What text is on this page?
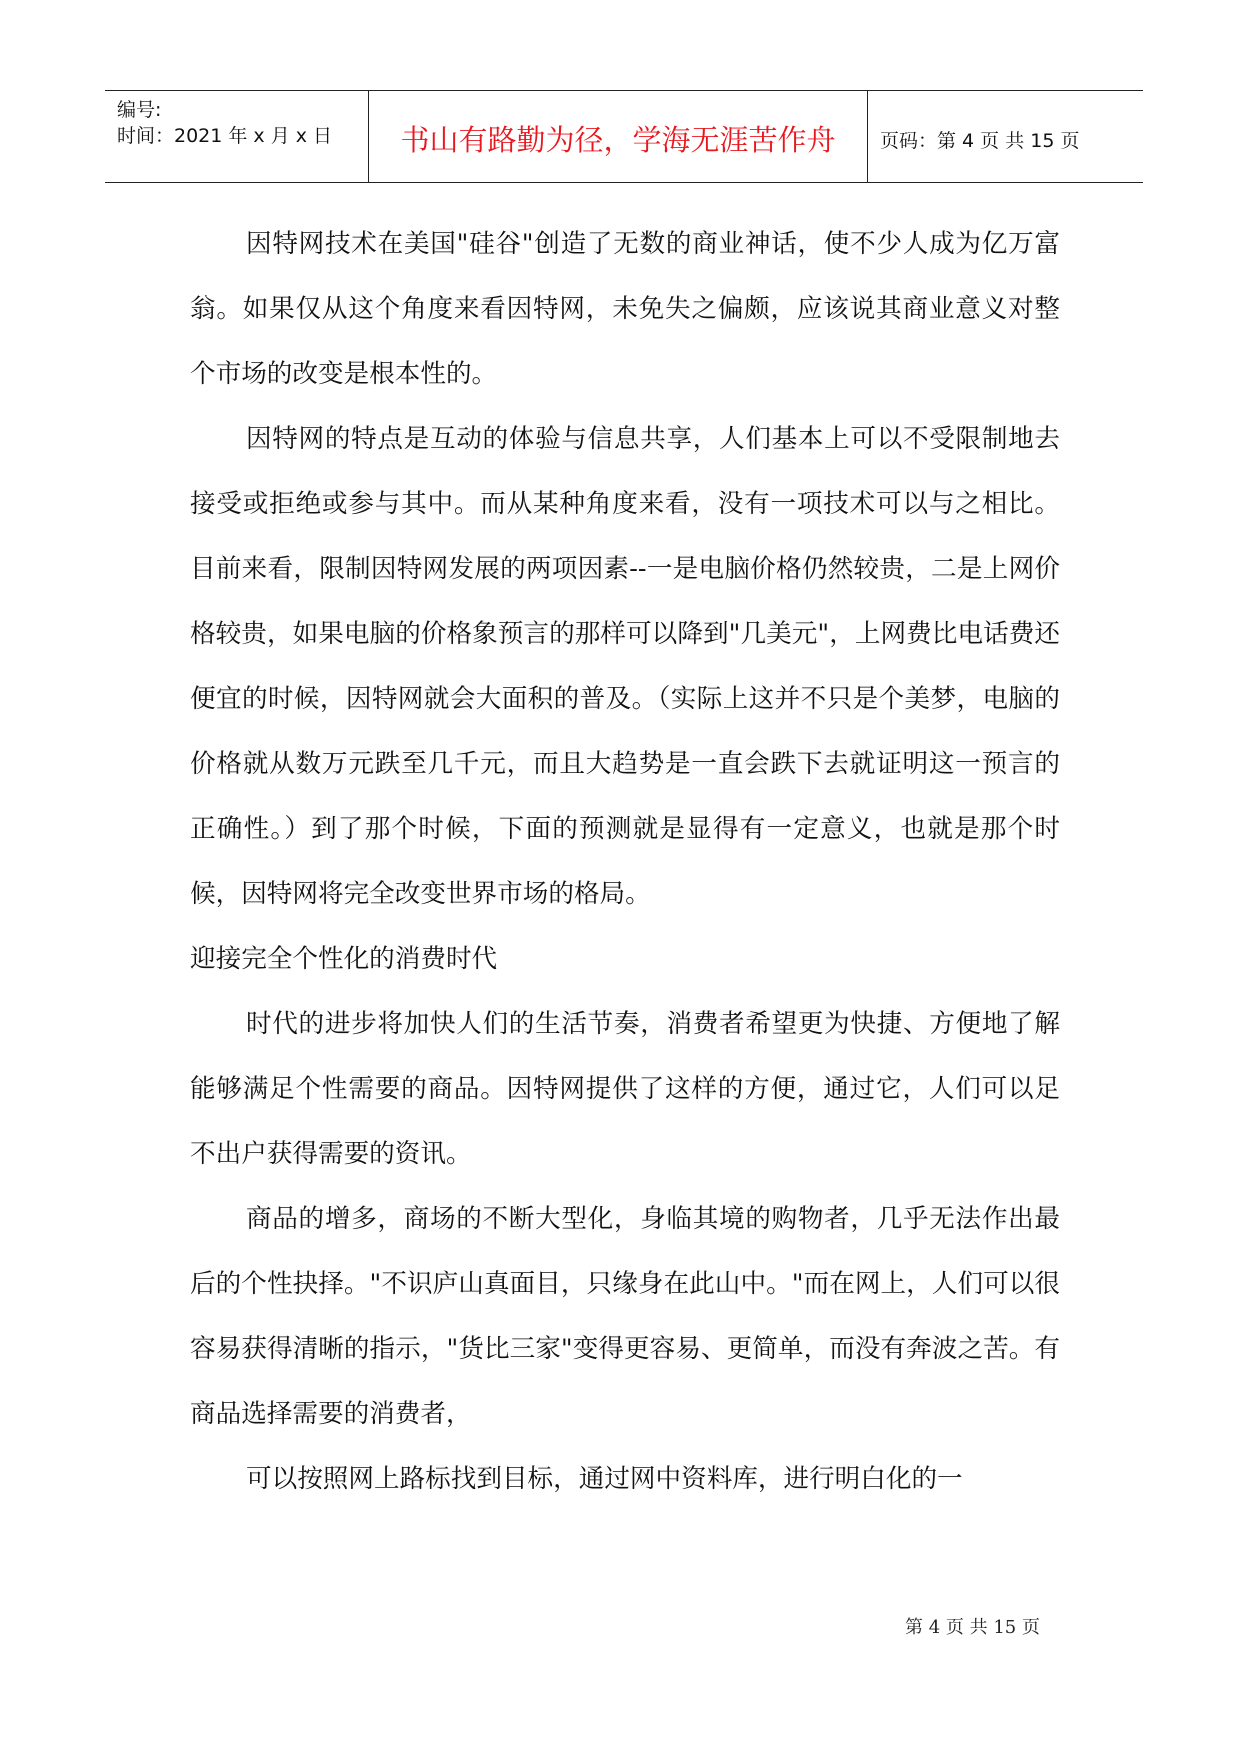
编号:
时间：2021 年 x 月 x 日	书山有路勤为径，学海无涯苦作舟	页码：第 4 页 共 15 页

因特网技术在美国"硅谷"创造了无数的商业神话，使不少人成为亿万富翁。如果仅从这个角度来看因特网，未免失之偏颇，应该说其商业意义对整个市场的改变是根本性的。

因特网的特点是互动的体验与信息共享，人们基本上可以不受限制地去接受或拒绝或参与其中。而从某种角度来看，没有一项技术可以与之相比。目前来看，限制因特网发展的两项因素--一是电脑价格仍然较贵，二是上网价格较贵，如果电脑的价格象预言的那样可以降到"几美元"，上网费比电话费还便宜的时候，因特网就会大面积的普及。（实际上这并不只是个美梦，电脑的价格就从数万元跌至几千元，而且大趋势是一直会跌下去就证明这一预言的正确性。）到了那个时候，下面的预测就是显得有一定意义，也就是那个时候，因特网将完全改变世界市场的格局。

迎接完全个性化的消费时代

时代的进步将加快人们的生活节奏，消费者希望更为快捷、方便地了解能够满足个性需要的商品。因特网提供了这样的方便，通过它，人们可以足不出户获得需要的资讯。

商品的增多，商场的不断大型化，身临其境的购物者，几乎无法作出最后的个性抉择。"不识庐山真面目，只缘身在此山中。"而在网上，人们可以很容易获得清晰的指示，"货比三家"变得更容易、更简单，而没有奔波之苦。有商品选择需要的消费者，

可以按照网上路标找到目标，通过网中资料库，进行明白化的一

第 4 页 共 15 页
